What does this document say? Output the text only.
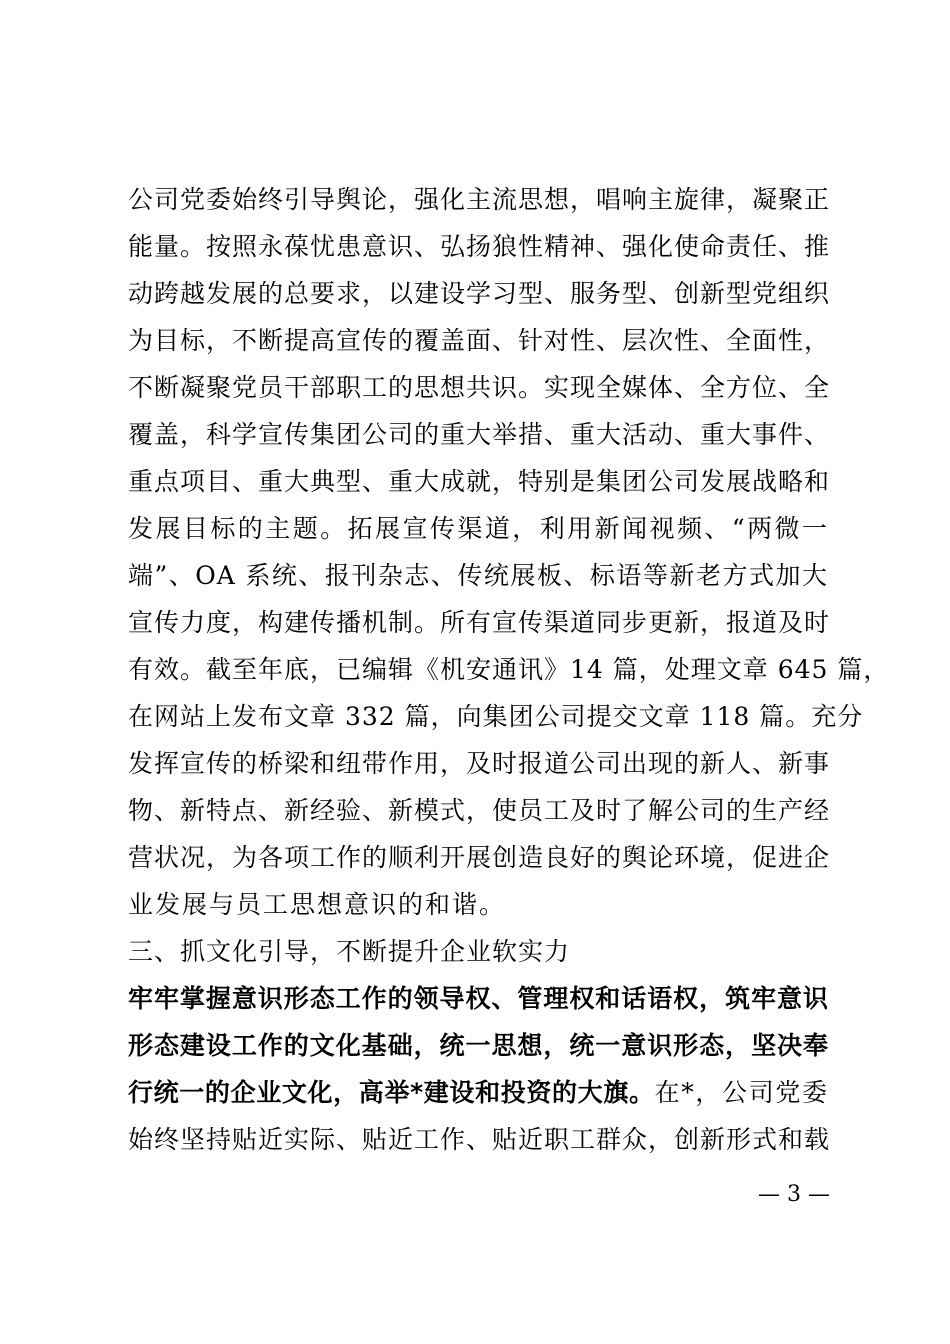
公司党委始终引导舆论，强化主流思想，唱响主旋律，凝聚正
能量。按照永葆忧患意识、弘扬狼性精神、强化使命责任、推
动跨越发展的总要求，以建设学习型、服务型、创新型党组织
为目标，不断提高宣传的覆盖面、针对性、层次性、全面性，
不断凝聚党员干部职工的思想共识。实现全媒体、全方位、全
覆盖，科学宣传集团公司的重大举措、重大活动、重大事件、
重点项目、重大典型、重大成就，特别是集团公司发展战略和
发展目标的主题。拓展宣传渠道，利用新闻视频、“两微一
端”、OA 系统、报刊杂志、传统展板、标语等新老方式加大
宣传力度，构建传播机制。所有宣传渠道同步更新，报道及时
有效。截至年底，已编辑《机安通讯》14 篇，处理文章 645 篇，
在网站上发布文章 332 篇，向集团公司提交文章 118 篇。充分
发挥宣传的桥梁和纽带作用，及时报道公司出现的新人、新事
物、新特点、新经验、新模式，使员工及时了解公司的生产经
营状况，为各项工作的顺利开展创造良好的舆论环境，促进企
业发展与员工思想意识的和谐。
三、抓文化引导，不断提升企业软实力
牢牢掌握意识形态工作的领导权、管理权和话语权，筑牢意识
形态建设工作的文化基础，统一思想，统一意识形态，坚决奉
行统一的企业文化，高举*建设和投资的大旗。在*，公司党委
始终坚持贴近实际、贴近工作、贴近职工群众，创新形式和载
— 3 —
